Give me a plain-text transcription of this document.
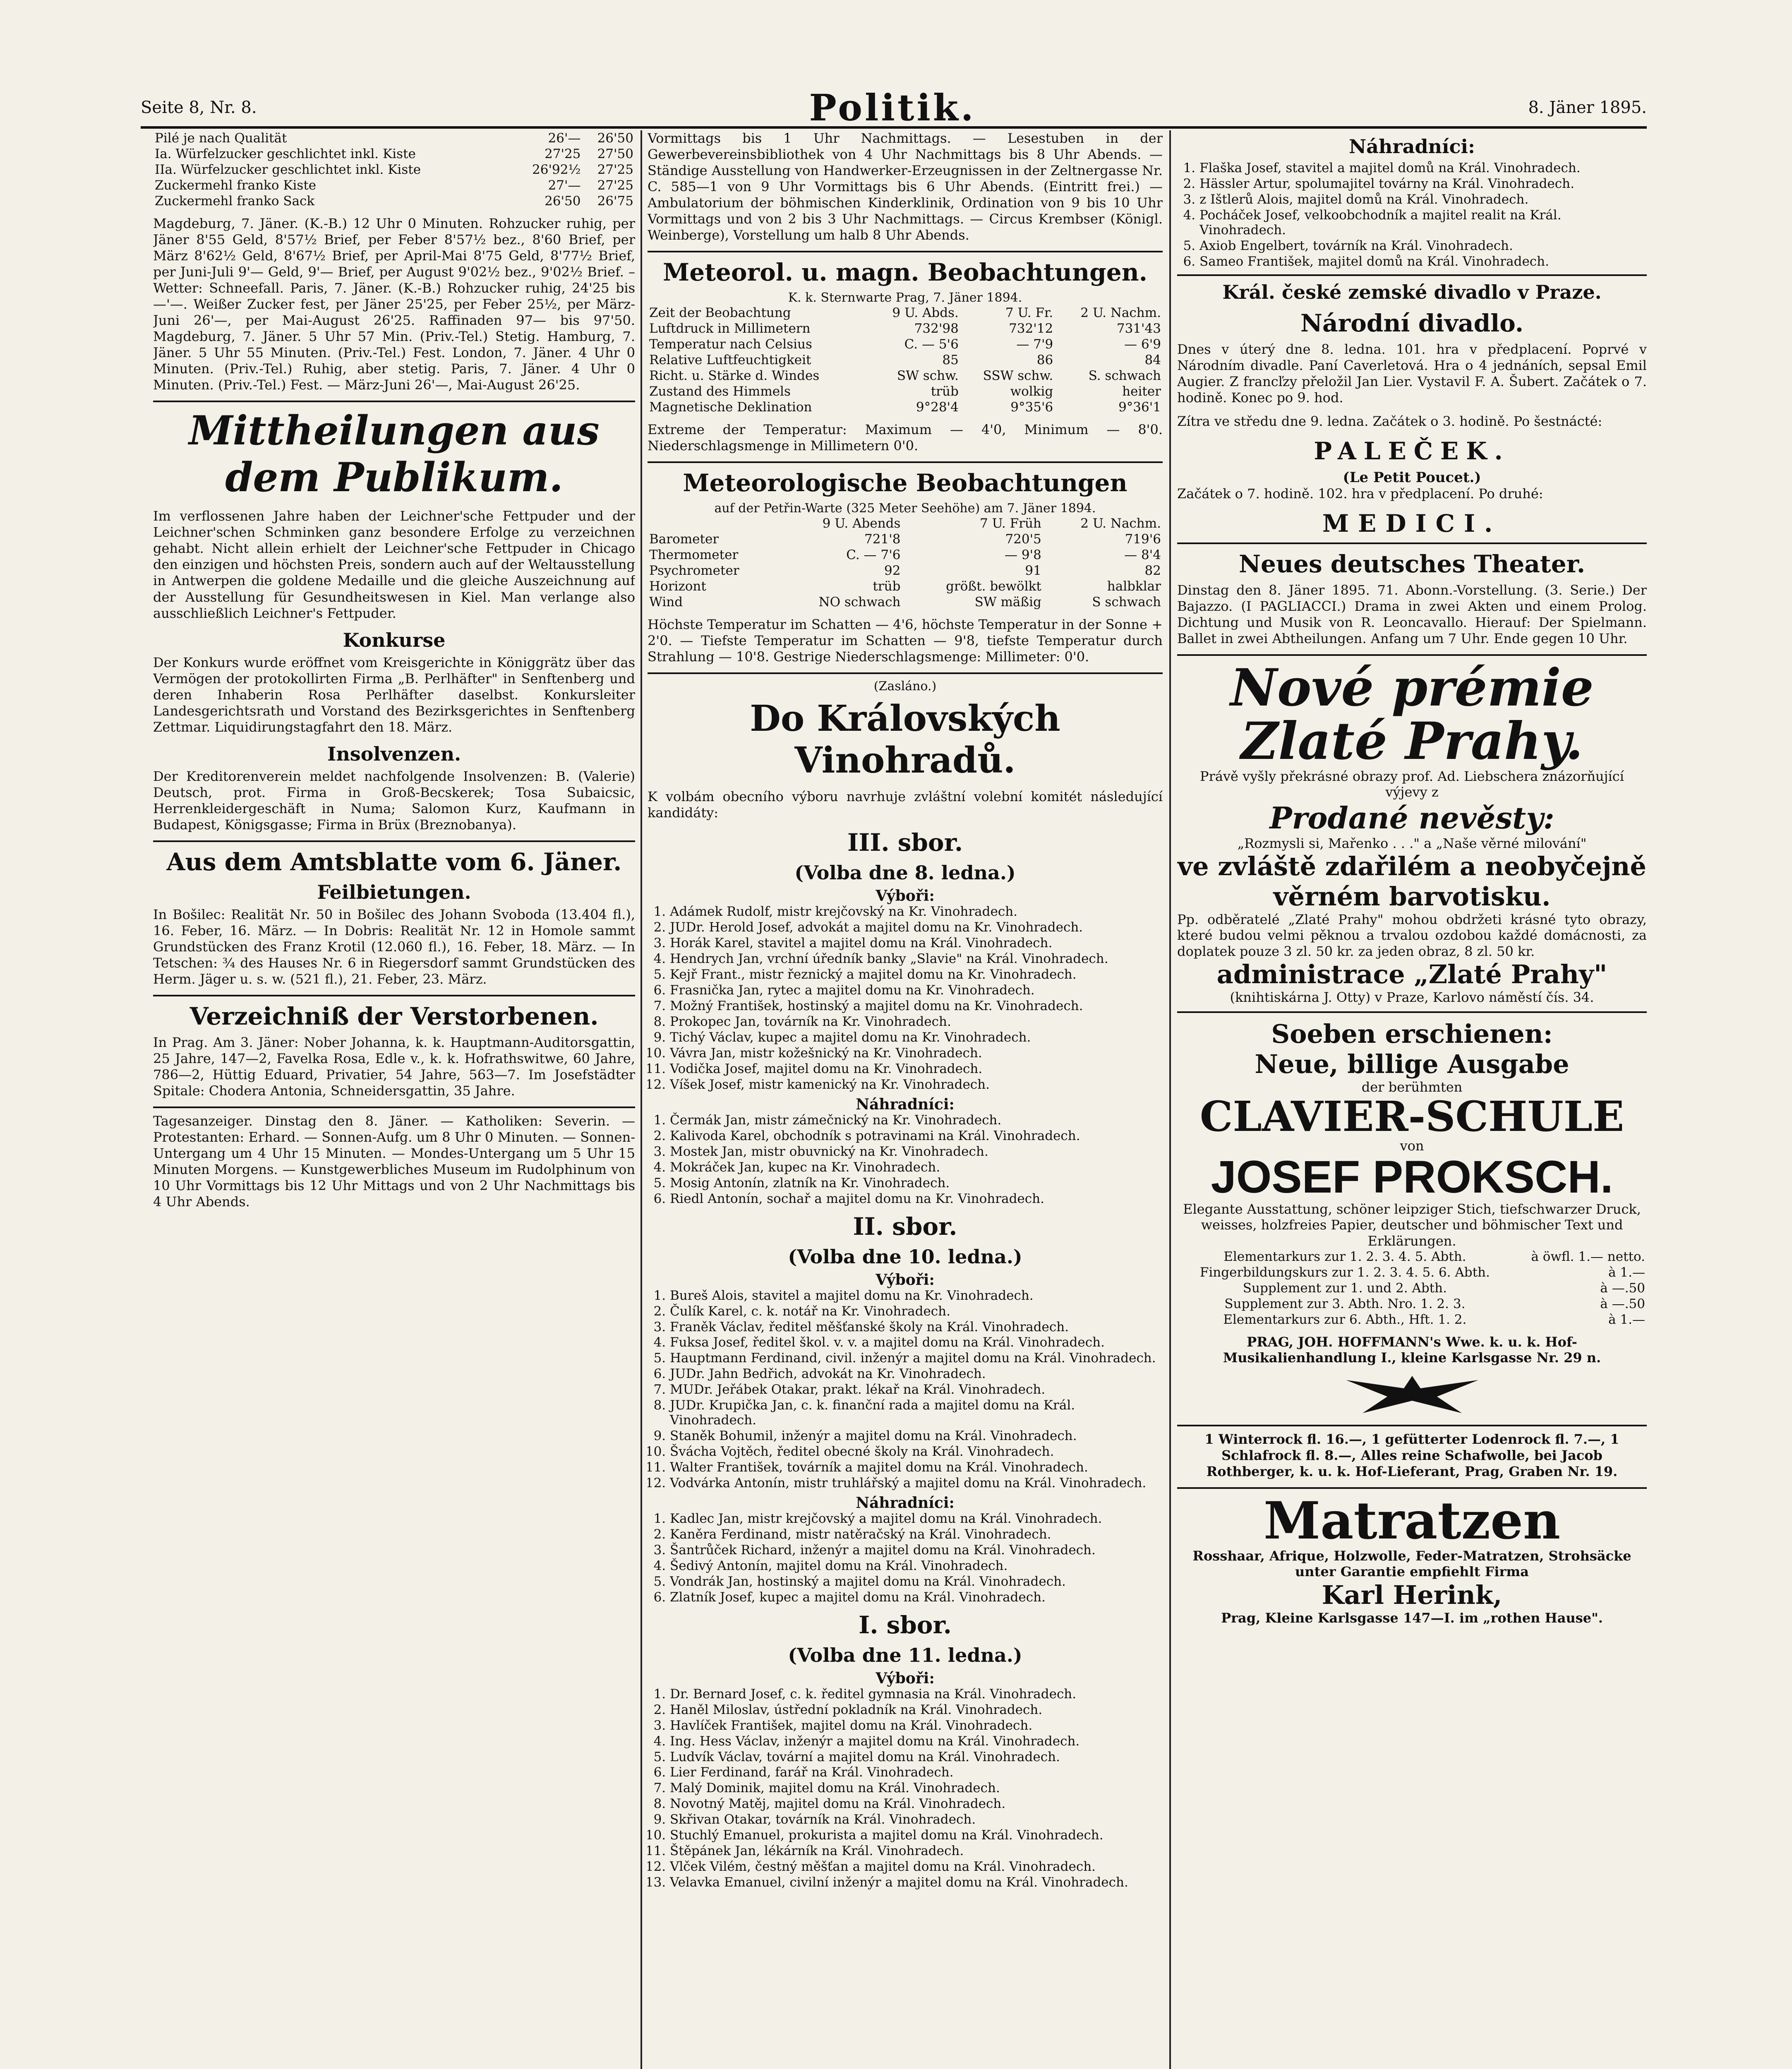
Seite 8, Nr. 8.	Politik.	8. Jäner 1895.
Pilé je nach Qualität	26'—	26'50
Ia. Würfelzucker geschlichtet inkl. Kiste	27'25	27'50
IIa. Würfelzucker geschlichtet inkl. Kiste	26'92½	27'25
Zuckermehl franko Kiste	27'—	27'25
Zuckermehl franko Sack	26'50	26'75

Magdeburg, 7. Jäner. (K.-B.) 12 Uhr 0 Minuten. Rohzucker ruhig, per Jäner 8'55 Geld, 8'57½ Brief, per Feber 8'57½ bez., 8'60 Brief, per März 8'62½ Geld, 8'67½ Brief, per April-Mai 8'75 Geld, 8'77½ Brief, per Juni-Juli 9'— Geld, 9'— Brief, per August 9'02½ bez., 9'02½ Brief. – Wetter: Schneefall. Paris, 7. Jäner. (K.-B.) Rohzucker ruhig, 24'25 bis —'—. Weißer Zucker fest, per Jäner 25'25, per Feber 25½, per März-Juni 26'—, per Mai-August 26'25. Raffinaden 97— bis 97'50. Magdeburg, 7. Jäner. 5 Uhr 57 Min. (Priv.-Tel.) Stetig. Hamburg, 7. Jäner. 5 Uhr 55 Minuten. (Priv.-Tel.) Fest. London, 7. Jäner. 4 Uhr 0 Minuten. (Priv.-Tel.) Ruhig, aber stetig. Paris, 7. Jäner. 4 Uhr 0 Minuten. (Priv.-Tel.) Fest. — März-Juni 26'—, Mai-August 26'25.

Mittheilungen aus dem Publikum.

Im verflossenen Jahre haben der Leichner'sche Fettpuder und der Leichner'schen Schminken ganz besondere Erfolge zu verzeichnen gehabt. Nicht allein erhielt der Leichner'sche Fettpuder in Chicago den einzigen und höchsten Preis, sondern auch auf der Weltausstellung in Antwerpen die goldene Medaille und die gleiche Auszeichnung auf der Ausstellung für Gesundheitswesen in Kiel. Man verlange also ausschließlich Leichner's Fettpuder.

Konkurse

Der Konkurs wurde eröffnet vom Kreisgerichte in Königgrätz über das Vermögen der protokollirten Firma „B. Perlhäfter" in Senftenberg und deren Inhaberin Rosa Perlhäfter daselbst. Konkursleiter Landesgerichtsrath und Vorstand des Bezirksgerichtes in Senftenberg Zettmar. Liquidirungstagfahrt den 18. März.

Insolvenzen.

Der Kreditorenverein meldet nachfolgende Insolvenzen: B. (Valerie) Deutsch, prot. Firma in Groß-Becskerek; Tosa Subaicsic, Herrenkleidergeschäft in Numa; Salomon Kurz, Kaufmann in Budapest, Königsgasse; Firma in Brüx (Breznobanya).

Aus dem Amtsblatte vom 6. Jäner.
Feilbietungen.

In Bošilec: Realität Nr. 50 in Bošilec des Johann Svoboda (13.404 fl.), 16. Feber, 16. März. — In Dobris: Realität Nr. 12 in Homole sammt Grundstücken des Franz Krotil (12.060 fl.), 16. Feber, 18. März. — In Tetschen: ¾ des Hauses Nr. 6 in Riegersdorf sammt Grundstücken des Herm. Jäger u. s. w. (521 fl.), 21. Feber, 23. März.

Verzeichniß der Verstorbenen.

In Prag. Am 3. Jäner: Nober Johanna, k. k. Hauptmann-Auditorsgattin, 25 Jahre, 147—2, Favelka Rosa, Edle v., k. k. Hofrathswitwe, 60 Jahre, 786—2, Hüttig Eduard, Privatier, 54 Jahre, 563—7. Im Josefstädter Spitale: Chodera Antonia, Schneidersgattin, 35 Jahre.

Tagesanzeiger. Dinstag den 8. Jäner. — Katholiken: Severin. — Protestanten: Erhard. — Sonnen-Aufg. um 8 Uhr 0 Minuten. — Sonnen-Untergang um 4 Uhr 15 Minuten. — Mondes-Untergang um 5 Uhr 15 Minuten Morgens. — Kunstgewerbliches Museum im Rudolphinum von 10 Uhr Vormittags bis 12 Uhr Mittags und von 2 Uhr Nachmittags bis 4 Uhr Abends.

Vormittags bis 1 Uhr Nachmittags. — Lesestuben in der Gewerbevereinsbibliothek von 4 Uhr Nachmittags bis 8 Uhr Abends. — Ständige Ausstellung von Handwerker-Erzeugnissen in der Zeltnergasse Nr. C. 585—1 von 9 Uhr Vormittags bis 6 Uhr Abends. (Eintritt frei.) — Ambulatorium der böhmischen Kinderklinik, Ordination von 9 bis 10 Uhr Vormittags und von 2 bis 3 Uhr Nachmittags. — Circus Krembser (Königl. Weinberge), Vorstellung um halb 8 Uhr Abends.

Meteorol. u. magn. Beobachtungen.
K. k. Sternwarte Prag, 7. Jäner 1894.
Zeit der Beobachtung	9 U. Abds.	7 U. Fr.	2 U. Nachm.
Luftdruck in Millimetern	732'98	732'12	731'43
Temperatur nach Celsius	C. — 5'6	— 7'9	— 6'9
Relative Luftfeuchtigkeit	85	86	84
Richt. u. Stärke d. Windes	SW schw.	SSW schw.	S. schwach
Zustand des Himmels	trüb	wolkig	heiter
Magnetische Deklination	9°28'4	9°35'6	9°36'1

Extreme der Temperatur: Maximum — 4'0, Minimum — 8'0. Niederschlagsmenge in Millimetern 0'0.

Meteorologische Beobachtungen
auf der Petřin-Warte (325 Meter Seehöhe) am 7. Jäner 1894.
	9 U. Abends	7 U. Früh	2 U. Nachm.
Barometer	721'8	720'5	719'6
Thermometer	C. — 7'6	— 9'8	— 8'4
Psychrometer	92	91	82
Horizont	trüb	größt. bewölkt	halbklar
Wind	NO schwach	SW mäßig	S schwach

Höchste Temperatur im Schatten — 4'6, höchste Temperatur in der Sonne + 2'0. — Tiefste Temperatur im Schatten — 9'8, tiefste Temperatur durch Strahlung — 10'8. Gestrige Niederschlagsmenge: Millimeter: 0'0.

(Zasláno.)
Do Královských Vinohradů.

K volbám obecního výboru navrhuje zvláštní volební komitét následující kandidáty:

III. sbor.
(Volba dne 8. ledna.)
Výboři:
1. Adámek Rudolf, mistr krejčovský na Kr. Vinohradech.
2. JUDr. Herold Josef, advokát a majitel domu na Kr. Vinohradech.
3. Horák Karel, stavitel a majitel domu na Král. Vinohradech.
4. Hendrych Jan, vrchní úředník banky „Slavie" na Král. Vinohradech.
5. Kejř Frant., mistr řeznický a majitel domu na Kr. Vinohradech.
6. Frasnička Jan, rytec a majitel domu na Kr. Vinohradech.
7. Možný František, hostinský a majitel domu na Kr. Vinohradech.
8. Prokopec Jan, továrník na Kr. Vinohradech.
9. Tichý Václav, kupec a majitel domu na Kr. Vinohradech.
10. Vávra Jan, mistr kožešnický na Kr. Vinohradech.
11. Vodička Josef, majitel domu na Kr. Vinohradech.
12. Víšek Josef, mistr kamenický na Kr. Vinohradech.
Náhradníci:
1. Čermák Jan, mistr zámečnický na Kr. Vinohradech.
2. Kalivoda Karel, obchodník s potravinami na Král. Vinohradech.
3. Mostek Jan, mistr obuvnický na Kr. Vinohradech.
4. Mokráček Jan, kupec na Kr. Vinohradech.
5. Mosig Antonín, zlatník na Kr. Vinohradech.
6. Riedl Antonín, sochař a majitel domu na Kr. Vinohradech.
II. sbor.
(Volba dne 10. ledna.)
Výboři:
1. Bureš Alois, stavitel a majitel domu na Kr. Vinohradech.
2. Čulík Karel, c. k. notář na Kr. Vinohradech.
3. Franěk Václav, ředitel měšťanské školy na Král. Vinohradech.
4. Fuksa Josef, ředitel škol. v. v. a majitel domu na Král. Vinohradech.
5. Hauptmann Ferdinand, civil. inženýr a majitel domu na Král. Vinohradech.
6. JUDr. Jahn Bedřich, advokát na Kr. Vinohradech.
7. MUDr. Jeřábek Otakar, prakt. lékař na Král. Vinohradech.
8. JUDr. Krupička Jan, c. k. finanční rada a majitel domu na Král. Vinohradech.
9. Staněk Bohumil, inženýr a majitel domu na Král. Vinohradech.
10. Švácha Vojtěch, ředitel obecné školy na Král. Vinohradech.
11. Walter František, továrník a majitel domu na Král. Vinohradech.
12. Vodvárka Antonín, mistr truhlářský a majitel domu na Král. Vinohradech.
Náhradníci:
1. Kadlec Jan, mistr krejčovský a majitel domu na Král. Vinohradech.
2. Kaněra Ferdinand, mistr natěračský na Král. Vinohradech.
3. Šantrůček Richard, inženýr a majitel domu na Král. Vinohradech.
4. Šedivý Antonín, majitel domu na Král. Vinohradech.
5. Vondrák Jan, hostinský a majitel domu na Král. Vinohradech.
6. Zlatník Josef, kupec a majitel domu na Král. Vinohradech.
I. sbor.
(Volba dne 11. ledna.)
Výboři:
1. Dr. Bernard Josef, c. k. ředitel gymnasia na Král. Vinohradech.
2. Haněl Miloslav, ústřední pokladník na Král. Vinohradech.
3. Havlíček František, majitel domu na Král. Vinohradech.
4. Ing. Hess Václav, inženýr a majitel domu na Král. Vinohradech.
5. Ludvík Václav, tovární a majitel domu na Král. Vinohradech.
6. Lier Ferdinand, farář na Král. Vinohradech.
7. Malý Dominik, majitel domu na Král. Vinohradech.
8. Novotný Matěj, majitel domu na Král. Vinohradech.
9. Skřivan Otakar, továrník na Král. Vinohradech.
10. Stuchlý Emanuel, prokurista a majitel domu na Král. Vinohradech.
11. Štěpánek Jan, lékárník na Král. Vinohradech.
12. Vlček Vilém, čestný měšťan a majitel domu na Král. Vinohradech.
13. Velavka Emanuel, civilní inženýr a majitel domu na Král. Vinohradech.
Náhradníci:
1. Flaška Josef, stavitel a majitel domů na Král. Vinohradech.
2. Hässler Artur, spolumajitel továrny na Král. Vinohradech.
3. z Ištlerů Alois, majitel domů na Král. Vinohradech.
4. Pocháček Josef, velkoobchodník a majitel realit na Král. Vinohradech.
5. Axiob Engelbert, továrník na Král. Vinohradech.
6. Sameo František, majitel domů na Král. Vinohradech.
Král. české zemské divadlo v Praze.
Národní divadlo.

Dnes v úterý dne 8. ledna. 101. hra v předplacení. Poprvé v Národním divadle. Paní Caverletová. Hra o 4 jednáních, sepsal Emil Augier. Z francľzy přeložil Jan Lier. Vystavil F. A. Šubert. Začátek o 7. hodině. Konec po 9. hod.

Zítra ve středu dne 9. ledna. Začátek o 3. hodině. Po šestnácté:

PALEČEK.
(Le Petit Poucet.)

Začátek o 7. hodině. 102. hra v předplacení. Po druhé:

MEDICI.
Neues deutsches Theater.

Dinstag den 8. Jäner 1895. 71. Abonn.-Vorstellung. (3. Serie.) Der Bajazzo. (I PAGLIACCI.) Drama in zwei Akten und einem Prolog. Dichtung und Musik von R. Leoncavallo. Hierauf: Der Spielmann. Ballet in zwei Abtheilungen. Anfang um 7 Uhr. Ende gegen 10 Uhr.

Nové prémie
Zlaté Prahy.
Právě vyšly překrásné obrazy prof. Ad. Liebschera znázorňující výjevy z
Prodané nevěsty:
„Rozmysli si, Mařenko . . ." a „Naše věrné milování"
ve zvláště zdařilém a neobyčejně věrném barvotisku.
Pp. odběratelé „Zlaté Prahy" mohou obdržeti krásné tyto obrazy, které budou velmi pěknou a trvalou ozdobou každé domácnosti, za doplatek pouze 3 zl. 50 kr. za jeden obraz, 8 zl. 50 kr.
administrace „Zlaté Prahy"
(knihtiskárna J. Otty) v Praze, Karlovo náměstí čís. 34.
Soeben erschienen:
Neue, billige Ausgabe
der berühmten
CLAVIER-SCHULE
von
JOSEF PROKSCH.
Elegante Ausstattung, schöner leipziger Stich, tiefschwarzer Druck, weisses, holzfreies Papier, deutscher und böhmischer Text und Erklärungen.
Elementarkurs zur 1. 2. 3. 4. 5. Abth.	à öwfl. 1.— netto.
Fingerbildungskurs zur 1. 2. 3. 4. 5. 6. Abth.	à 1.—
Supplement zur 1. und 2. Abth.	à —.50
Supplement zur 3. Abth. Nro. 1. 2. 3.	à —.50
Elementarkurs zur 6. Abth., Hft. 1. 2.	à 1.—
PRAG, JOH. HOFFMANN's Wwe. k. u. k. Hof-Musikalienhandlung I., kleine Karlsgasse Nr. 29 n.

1 Winterrock fl. 16.—, 1 gefütterter Lodenrock fl. 7.—, 1 Schlafrock fl. 8.—, Alles reine Schafwolle, bei Jacob Rothberger, k. u. k. Hof-Lieferant, Prag, Graben Nr. 19.

Matratzen
Rosshaar, Afrique, Holzwolle, Feder-Matratzen, Strohsäcke unter Garantie empfiehlt Firma
Karl Herink,
Prag, Kleine Karlsgasse 147—I. im „rothen Hause".
